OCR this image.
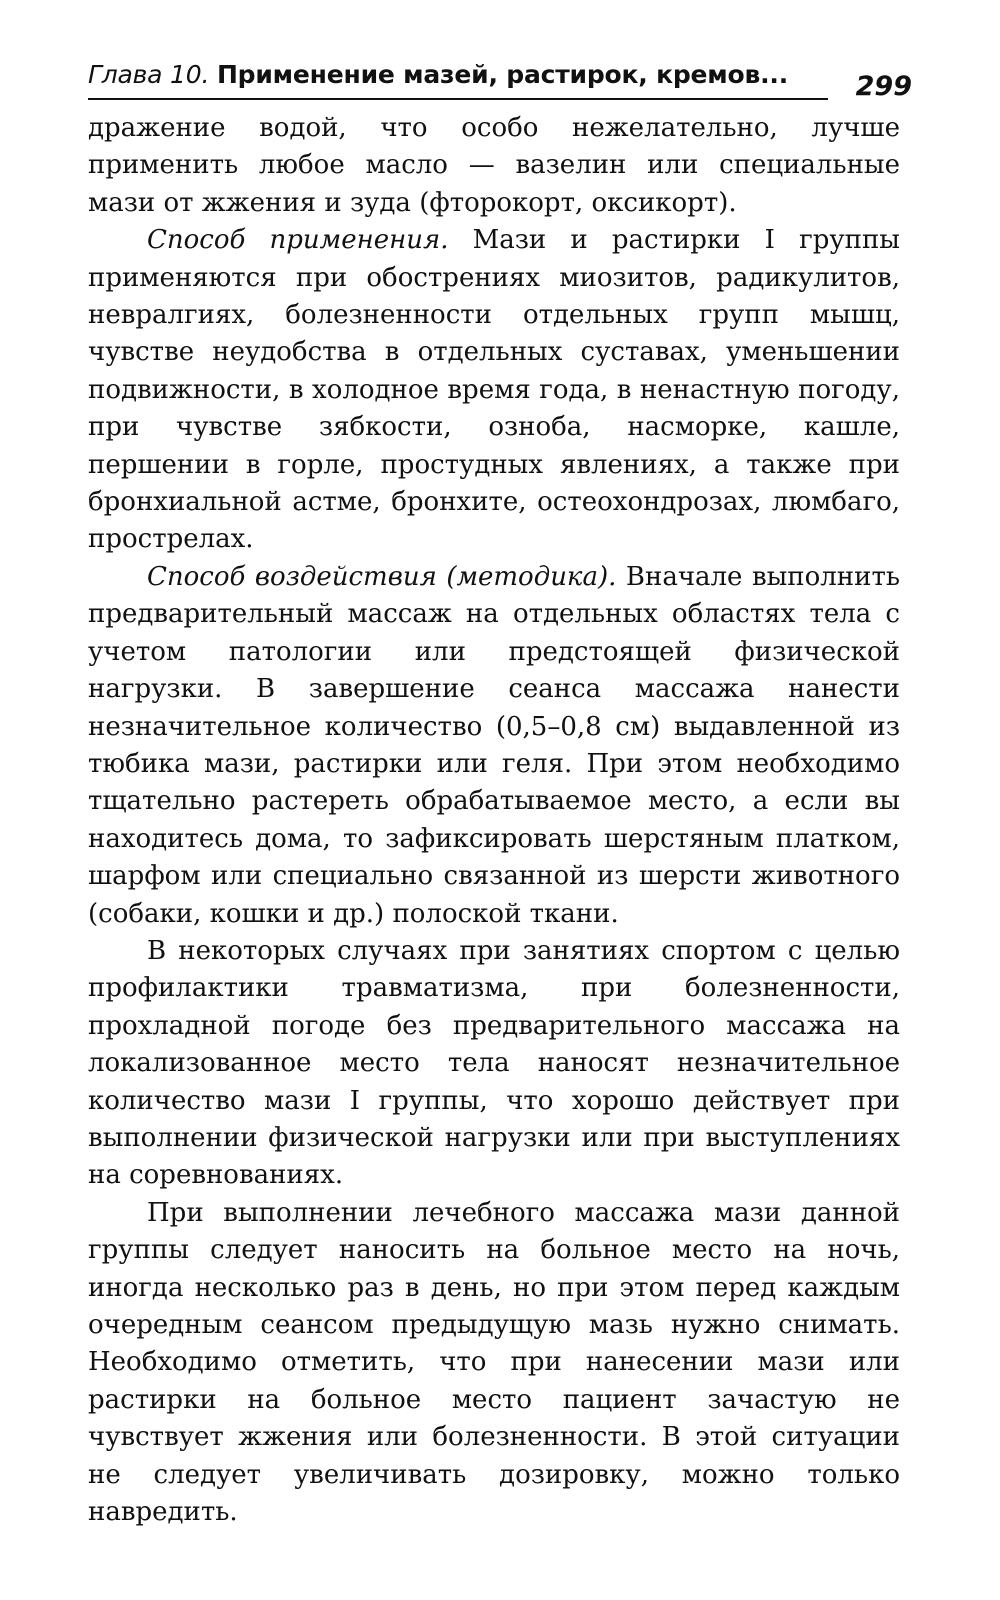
Глава 10. Применение мазей, растирок, кремов...	299

дражение водой, что особо нежелательно, лучше применить любое масло — вазелин или специальные мази от жжения и зуда (фторокорт, оксикорт).

Способ применения. Мази и растирки I группы применяются при обострениях миозитов, радикулитов, невралгиях, болезненности отдельных групп мышц, чувстве неудобства в отдельных суставах, уменьшении подвижности, в холодное время года, в ненастную погоду, при чувстве зябкости, озноба, насморке, кашле, першении в горле, простудных явлениях, а также при бронхиальной астме, бронхите, остеохондрозах, люмбаго, прострелах.

Способ воздействия (методика). Вначале выполнить предварительный массаж на отдельных областях тела с учетом патологии или предстоящей физической нагрузки. В завершение сеанса массажа нанести незначительное количество (0,5–0,8 см) выдавленной из тюбика мази, растирки или геля. При этом необходимо тщательно растереть обрабатываемое место, а если вы находитесь дома, то зафиксировать шерстяным платком, шарфом или специально связанной из шерсти животного (собаки, кошки и др.) полоской ткани.

В некоторых случаях при занятиях спортом с целью профилактики травматизма, при болезненности, прохладной погоде без предварительного массажа на локализованное место тела наносят незначительное количество мази I группы, что хорошо действует при выполнении физической нагрузки или при выступлениях на соревнованиях.

При выполнении лечебного массажа мази данной группы следует наносить на больное место на ночь, иногда несколько раз в день, но при этом перед каждым очередным сеансом предыдущую мазь нужно снимать. Необходимо отметить, что при нанесении мази или растирки на больное место пациент зачастую не чувствует жжения или болезненности. В этой ситуации не следует увеличивать дозировку, можно только навредить.
